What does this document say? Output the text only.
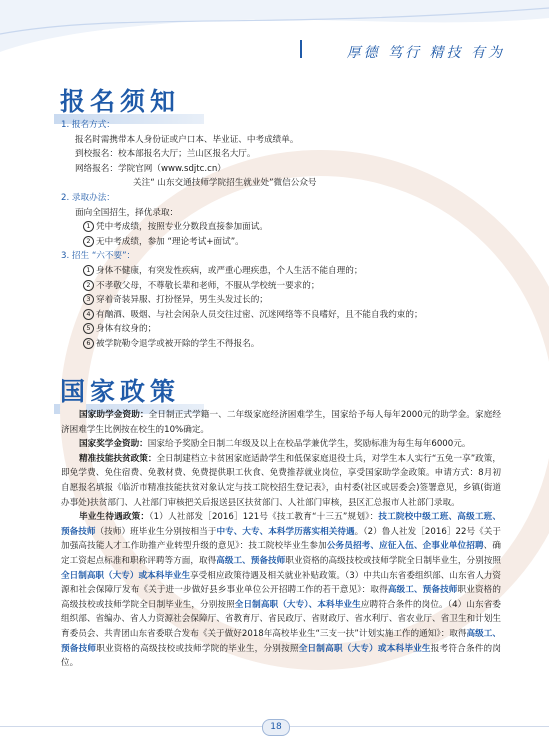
厚德 笃行 精技 有为
报名须知
1. 报名方式：
报名时需携带本人身份证或户口本、毕业证、中考成绩单。
到校报名：校本部报名大厅；兰山区报名大厅。
网络报名：学院官网（www.sdjtc.cn）
关注“ 山东交通技师学院招生就业处”微信公众号
2. 录取办法：
面向全国招生，择优录取：
1 凭中考成绩，按照专业分数段直接参加面试。
2 无中考成绩，参加 “理论考试+面试”。
3. 招生 “六不要”：
1 身体不健康，有突发性疾病，或严重心理疾患，个人生活不能自理的；
2 不孝敬父母，不尊敬长辈和老师，不服从学校统一要求的；
3 穿着奇装异服、打扮怪异，男生头发过长的；
4 有酗酒、吸烟、与社会闲杂人员交往过密、沉迷网络等不良嗜好，且不能自我约束的；
5 身体有纹身的；
6 被学院勒令退学或被开除的学生不得报名。
国家政策

国家助学金资助：全日制正式学籍一、二年级家庭经济困难学生，国家给予每人每年2000元的助学金。家庭经济困难学生比例按在校生的10%确定。

国家奖学金资助：国家给予奖励全日制二年级及以上在校品学兼优学生，奖励标准为每生每年6000元。

精准技能扶贫政策：全日制建档立卡贫困家庭适龄学生和低保家庭退役士兵，对学生本人实行“五免一享”政策，即免学费、免住宿费、免教材费、免费提供职工伙食、免费推荐就业岗位，享受国家助学金政策。申请方式：8月初自愿报名填报《临沂市精准技能扶贫对象认定与技工院校招生登记表》，由村委(社区或居委会)签署意见，乡镇(街道办事处)扶贫部门、人社部门审核把关后报送县区扶贫部门、人社部门审核，县区汇总报市人社部门录取。

毕业生待遇政策：（1）人社部发［2016］121号《技工教育“十三五”规划》：技工院校中级工班、高级工班、预备技师（技师）班毕业生分别按相当于中专、大专、本科学历落实相关待遇。（2）鲁人社发［2016］22号《关于加强高技能人才工作助推产业转型升级的意见》：技工院校毕业生参加公务员招考、应征入伍、企事业单位招聘、确定工资起点标准和职称评聘等方面，取得高级工、预备技师职业资格的高级技校或技师学院全日制毕业生，分别按照全日制高职（大专）或本科毕业生享受相应政策待遇及相关就业补贴政策。（3）中共山东省委组织部、山东省人力资源和社会保障厅发布《关于进一步做好县乡事业单位公开招聘工作的若干意见》：取得高级工、预备技师职业资格的高级技校或技师学院全日制毕业生，分别按照全日制高职（大专）、本科毕业生应聘符合条件的岗位。（4）山东省委组织部、省编办、省人力资源社会保障厅、省教育厅、省民政厅、省财政厅、省水利厅、省农业厅、省卫生和计划生育委员会、共青团山东省委联合发布《关于做好2018年高校毕业生“三支一扶”计划实施工作的通知》：取得高级工、预备技师职业资格的高级技校或技师学院的毕业生，分别按照全日制高职（大专）或本科毕业生报考符合条件的岗位。

18
